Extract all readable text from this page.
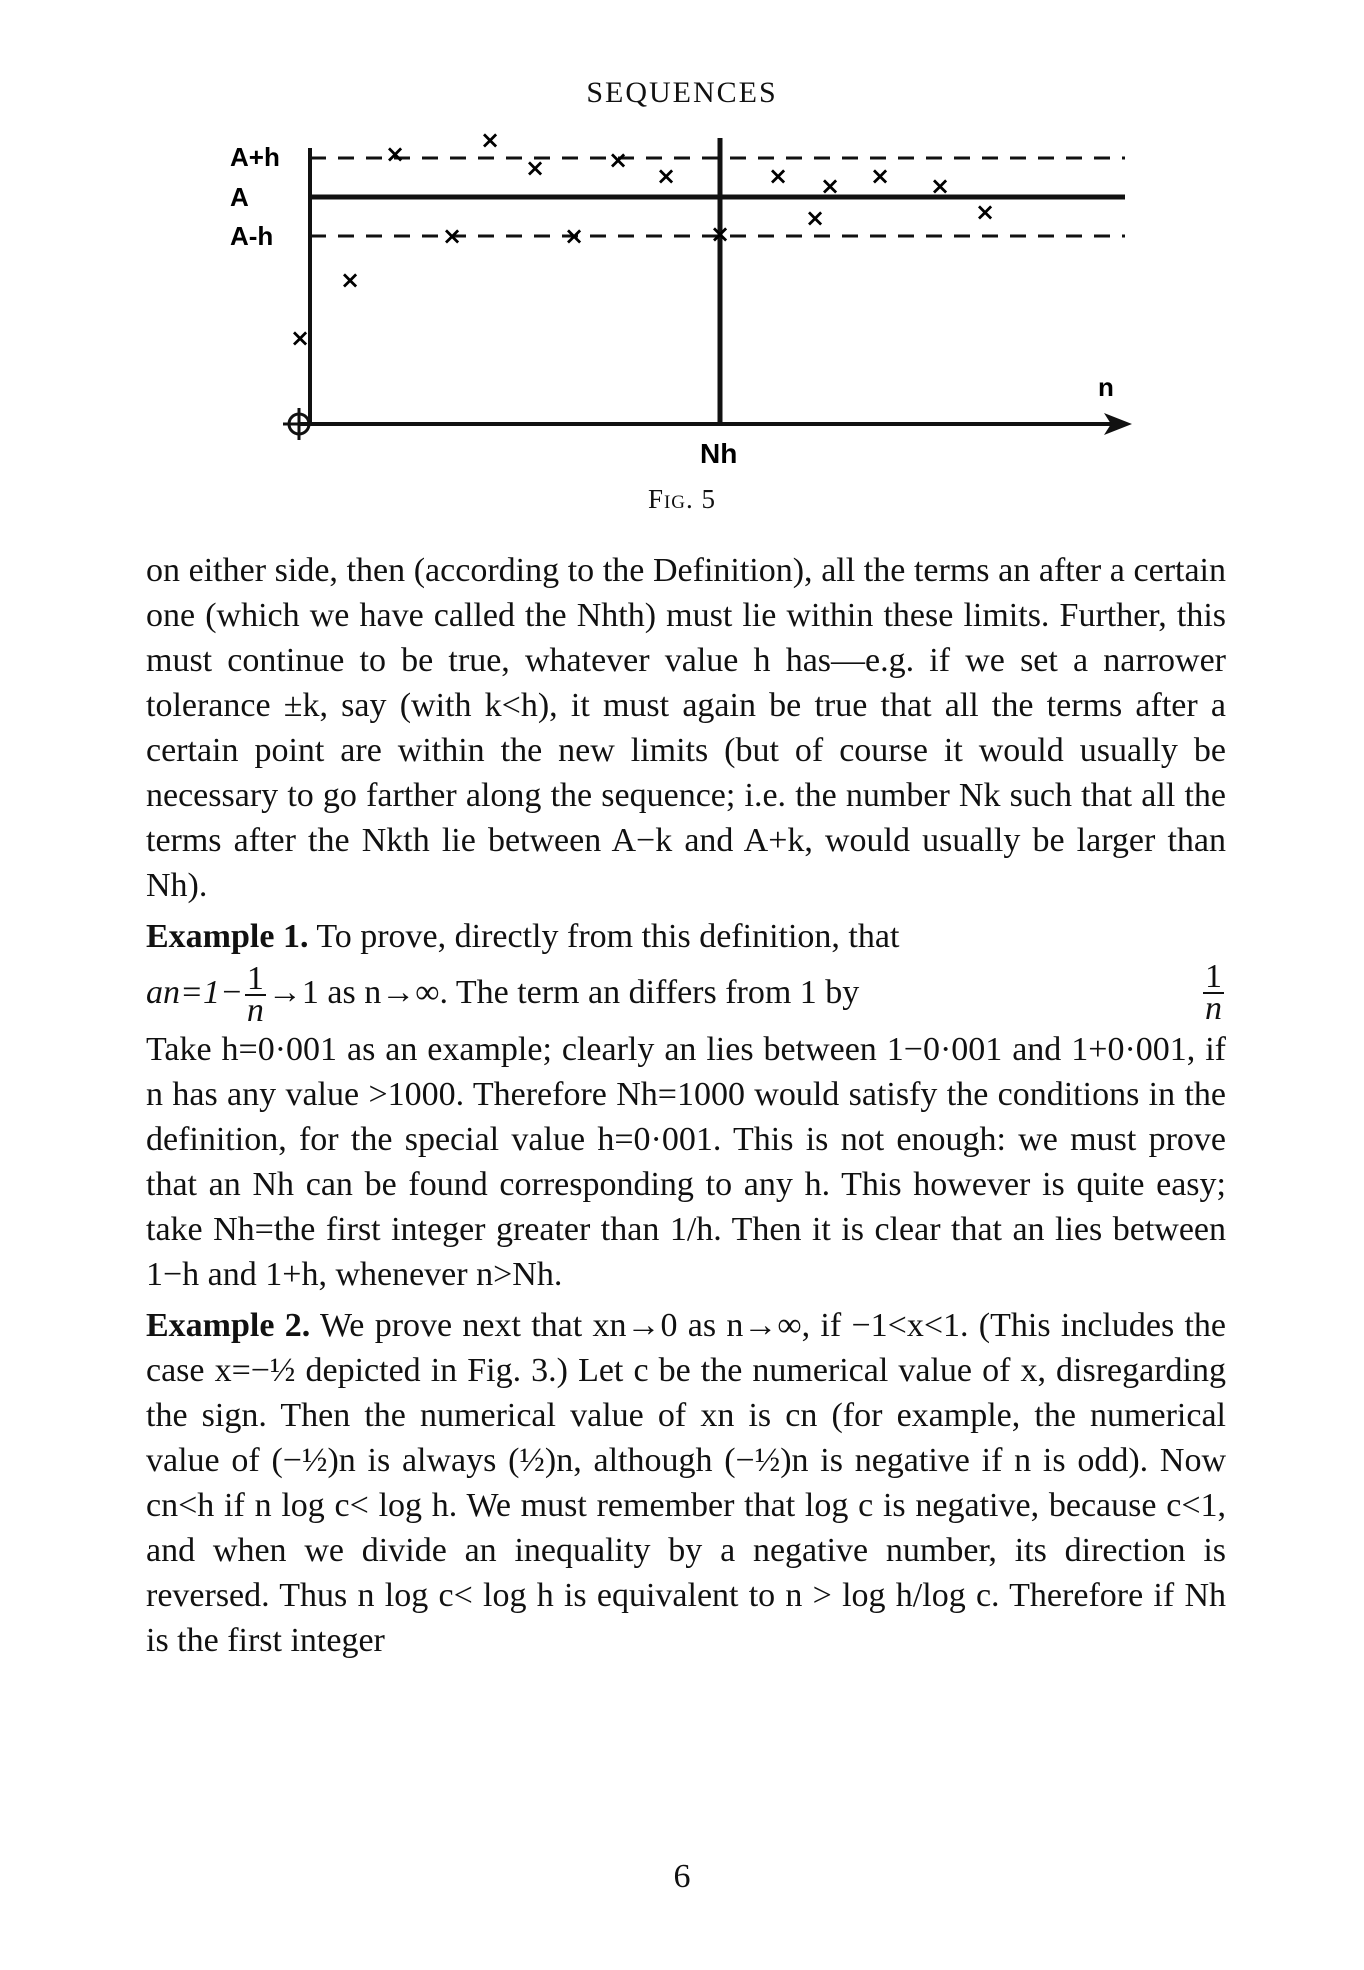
SEQUENCES
A+h
A
A-h
n
Nh
×
×
×
×
×
×
×
×
×
×
×
×
× × ×
×
Fig. 5

on either side, then (according to the Definition), all the terms an after a certain one (which we have called the Nhth) must lie within these limits. Further, this must continue to be true, whatever value h has—e.g. if we set a narrower tolerance ±k, say (with k<h), it must again be true that all the terms after a certain point are within the new limits (but of course it would usually be necessary to go farther along the sequence; i.e. the number Nk such that all the terms after the Nkth lie between A−k and A+k, would usually be larger than Nh).

Example 1. To prove, directly from this definition, that

$an=1- \frac{1}{n} \to 1$ as n→∞. The term an differs from 1 by	$\frac{1}{n}$

Take h=0·001 as an example; clearly an lies between 1−0·001 and 1+0·001, if n has any value >1000. Therefore Nh=1000 would satisfy the conditions in the definition, for the special value h=0·001. This is not enough: we must prove that an Nh can be found corresponding to any h. This however is quite easy; take Nh=the first integer greater than 1/h. Then it is clear that an lies between 1−h and 1+h, whenever n>Nh.

Example 2. We prove next that xn→0 as n→∞, if −1<x<1. (This includes the case x=−½ depicted in Fig. 3.) Let c be the numerical value of x, disregarding the sign. Then the numerical value of xn is cn (for example, the numerical value of (−½)n is always (½)n, although (−½)n is negative if n is odd). Now cn<h if n log c< log h. We must remember that log c is negative, because c<1, and when we divide an inequality by a negative number, its direction is reversed. Thus n log c< log h is equivalent to n > log h/log c. Therefore if Nh is the first integer

6
